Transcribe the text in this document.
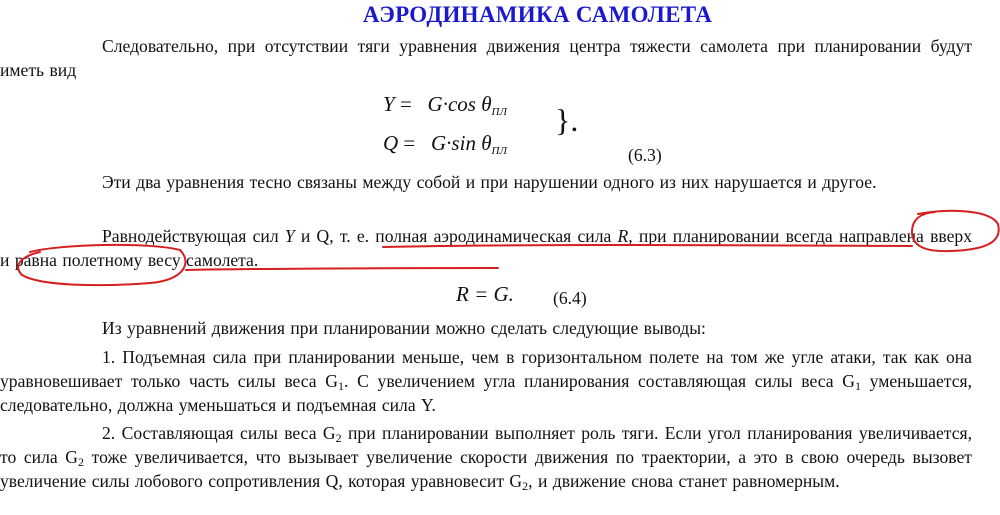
АЭРОДИНАМИКА САМОЛЕТА

Следовательно, при отсутствии тяги уравнения движения центра тяжести самолета при планировании будут иметь вид

Y = G·cos θПЛ
Q = G·sin θПЛ
}.
(6.3)

Эти два уравнения тесно связаны между собой и при нарушении одного из них нарушается и другое.

Равнодействующая сил Y и Q, т. е. полная аэродинамическая сила R, при планировании всегда направлена вверх и равна полетному весу самолета.

R = G. (6.4)

Из уравнений движения при планировании можно сделать следующие выводы:

1. Подъемная сила при планировании меньше, чем в горизонтальном полете на том же угле атаки, так как она уравновешивает только часть силы веса $G_1$. С увеличением угла планирования составляющая силы веса $G_1$ уменьшается, следовательно, должна уменьшаться и подъемная сила Y.

2. Составляющая силы веса $G_2$ при планировании выполняет роль тяги. Если угол планирования увеличивается, то сила $G_2$ тоже увеличивается, что вызывает увеличение скорости движения по траектории, а это в свою очередь вызовет увеличение силы лобового сопротивления Q, которая уравновесит $G_2$, и движение снова станет равномерным.
